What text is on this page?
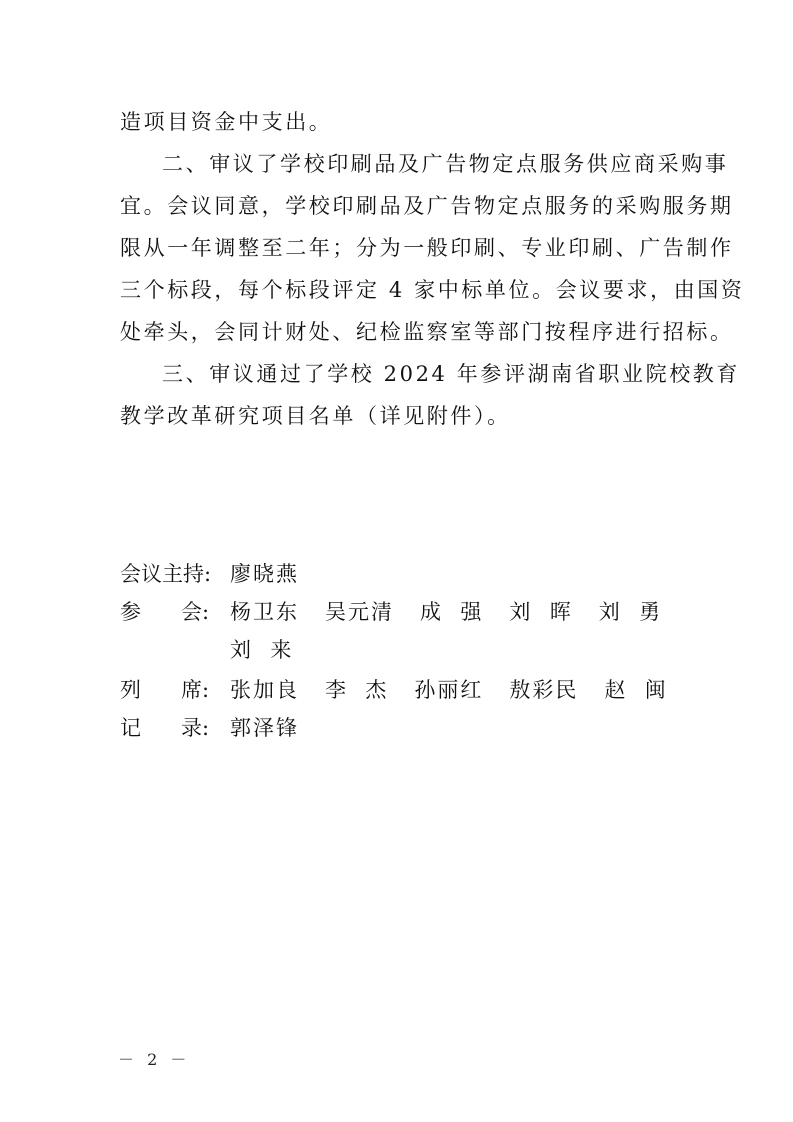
造项目资金中支出。
二、审议了学校印刷品及广告物定点服务供应商采购事
宜。会议同意，学校印刷品及广告物定点服务的采购服务期
限从一年调整至二年；分为一般印刷、专业印刷、广告制作
三个标段，每个标段评定 4 家中标单位。会议要求，由国资
处牵头，会同计财处、纪检监察室等部门按程序进行招标。
三、审议通过了学校 2024 年参评湖南省职业院校教育
教学改革研究项目名单（详见附件）。
会议主持: 廖晓燕
参      会: 杨卫东   吴元清   成  强   刘  晖   刘  勇
刘  来
列      席: 张加良   李  杰   孙丽红   敖彩民   赵  闽
记      录: 郭泽锋
－ 2 －
